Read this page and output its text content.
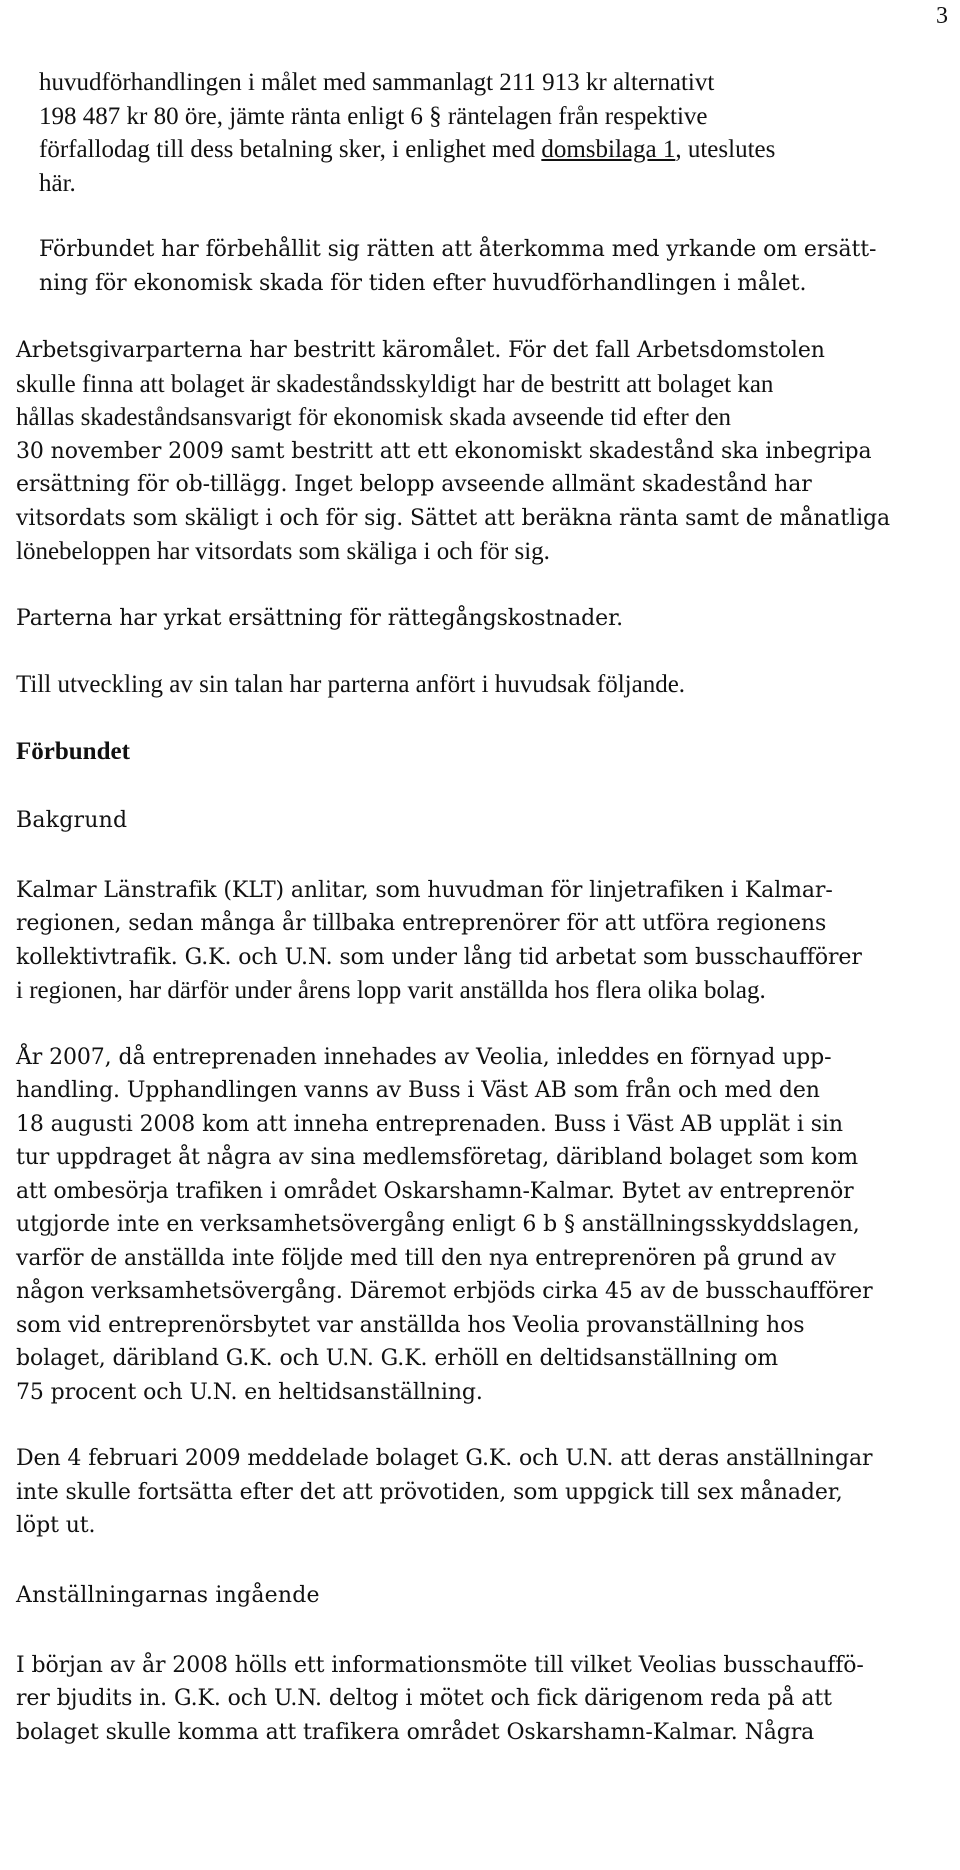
3
huvudförhandlingen i målet med sammanlagt 211 913 kr alternativt
198 487 kr 80 öre, jämte ränta enligt 6 § räntelagen från respektive
förfallodag till dess betalning sker, i enlighet med domsbilaga 1, uteslutes
här.
Förbundet har förbehållit sig rätten att återkomma med yrkande om ersätt-
ning för ekonomisk skada för tiden efter huvudförhandlingen i målet.
Arbetsgivarparterna har bestritt käromålet. För det fall Arbetsdomstolen
skulle finna att bolaget är skadeståndsskyldigt har de bestritt att bolaget kan
hållas skadeståndsansvarigt för ekonomisk skada avseende tid efter den
30 november 2009 samt bestritt att ett ekonomiskt skadestånd ska inbegripa
ersättning för ob-tillägg. Inget belopp avseende allmänt skadestånd har
vitsordats som skäligt i och för sig. Sättet att beräkna ränta samt de månatliga
lönebeloppen har vitsordats som skäliga i och för sig.
Parterna har yrkat ersättning för rättegångskostnader.
Till utveckling av sin talan har parterna anfört i huvudsak följande.
Förbundet
Bakgrund
Kalmar Länstrafik (KLT) anlitar, som huvudman för linjetrafiken i Kalmar-
regionen, sedan många år tillbaka entreprenörer för att utföra regionens
kollektivtrafik. G.K. och U.N. som under lång tid arbetat som busschaufförer
i regionen, har därför under årens lopp varit anställda hos flera olika bolag.
År 2007, då entreprenaden innehades av Veolia, inleddes en förnyad upp-
handling. Upphandlingen vanns av Buss i Väst AB som från och med den
18 augusti 2008 kom att inneha entreprenaden. Buss i Väst AB upplät i sin
tur uppdraget åt några av sina medlemsföretag, däribland bolaget som kom
att ombesörja trafiken i området Oskarshamn-Kalmar. Bytet av entreprenör
utgjorde inte en verksamhetsövergång enligt 6 b § anställningsskyddslagen,
varför de anställda inte följde med till den nya entreprenören på grund av
någon verksamhetsövergång. Däremot erbjöds cirka 45 av de busschaufförer
som vid entreprenörsbytet var anställda hos Veolia provanställning hos
bolaget, däribland G.K. och U.N. G.K. erhöll en deltidsanställning om
75 procent och U.N. en heltidsanställning.
Den 4 februari 2009 meddelade bolaget G.K. och U.N. att deras anställningar
inte skulle fortsätta efter det att prövotiden, som uppgick till sex månader,
löpt ut.
Anställningarnas ingående
I början av år 2008 hölls ett informationsmöte till vilket Veolias busschauffö-
rer bjudits in. G.K. och U.N. deltog i mötet och fick därigenom reda på att
bolaget skulle komma att trafikera området Oskarshamn-Kalmar. Några
